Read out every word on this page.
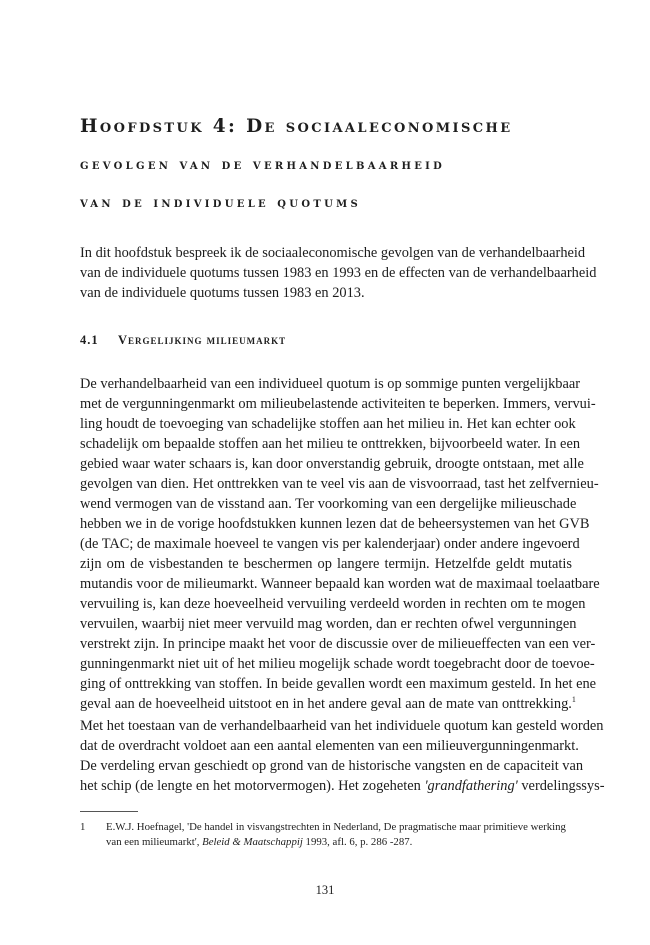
Hoofdstuk 4: De sociaaleconomische
gevolgen van de verhandelbaarheid
van de individuele quotums
In dit hoofdstuk bespreek ik de sociaaleconomische gevolgen van de verhandelbaarheid
van de individuele quotums tussen 1983 en 1993 en de effecten van de verhandelbaarheid
van de individuele quotums tussen 1983 en 2013.
4.1 Vergelijking milieumarkt
De verhandelbaarheid van een individueel quotum is op sommige punten vergelijkbaar
met de vergunningenmarkt om milieubelastende activiteiten te beperken. Immers, vervui-
ling houdt de toevoeging van schadelijke stoffen aan het milieu in. Het kan echter ook
schadelijk om bepaalde stoffen aan het milieu te onttrekken, bijvoorbeeld water. In een
gebied waar water schaars is, kan door onverstandig gebruik, droogte ontstaan, met alle
gevolgen van dien. Het onttrekken van te veel vis aan de visvoorraad, tast het zelfvernieu-
wend vermogen van de visstand aan. Ter voorkoming van een dergelijke milieuschade
hebben we in de vorige hoofdstukken kunnen lezen dat de beheersystemen van het GVB
(de TAC; de maximale hoeveel te vangen vis per kalenderjaar) onder andere ingevoerd
zijn om de visbestanden te beschermen op langere termijn. Hetzelfde geldt mutatis
mutandis voor de milieumarkt. Wanneer bepaald kan worden wat de maximaal toelaatbare
vervuiling is, kan deze hoeveelheid vervuiling verdeeld worden in rechten om te mogen
vervuilen, waarbij niet meer vervuild mag worden, dan er rechten ofwel vergunningen
verstrekt zijn. In principe maakt het voor de discussie over de milieueffecten van een ver-
gunningenmarkt niet uit of het milieu mogelijk schade wordt toegebracht door de toevoe-
ging of onttrekking van stoffen. In beide gevallen wordt een maximum gesteld. In het ene
geval aan de hoeveelheid uitstoot en in het andere geval aan de mate van onttrekking.$^1$
Met het toestaan van de verhandelbaarheid van het individuele quotum kan gesteld worden
dat de overdracht voldoet aan een aantal elementen van een milieuvergunningenmarkt.
De verdeling ervan geschiedt op grond van de historische vangsten en de capaciteit van
het schip (de lengte en het motorvermogen). Het zogeheten 'grandfathering' verdelingssys-
1 E.W.J. Hoefnagel, 'De handel in visvangstrechten in Nederland, De pragmatische maar primitieve werking
van een milieumarkt', Beleid & Maatschappij 1993, afl. 6, p. 286 -287.
131
